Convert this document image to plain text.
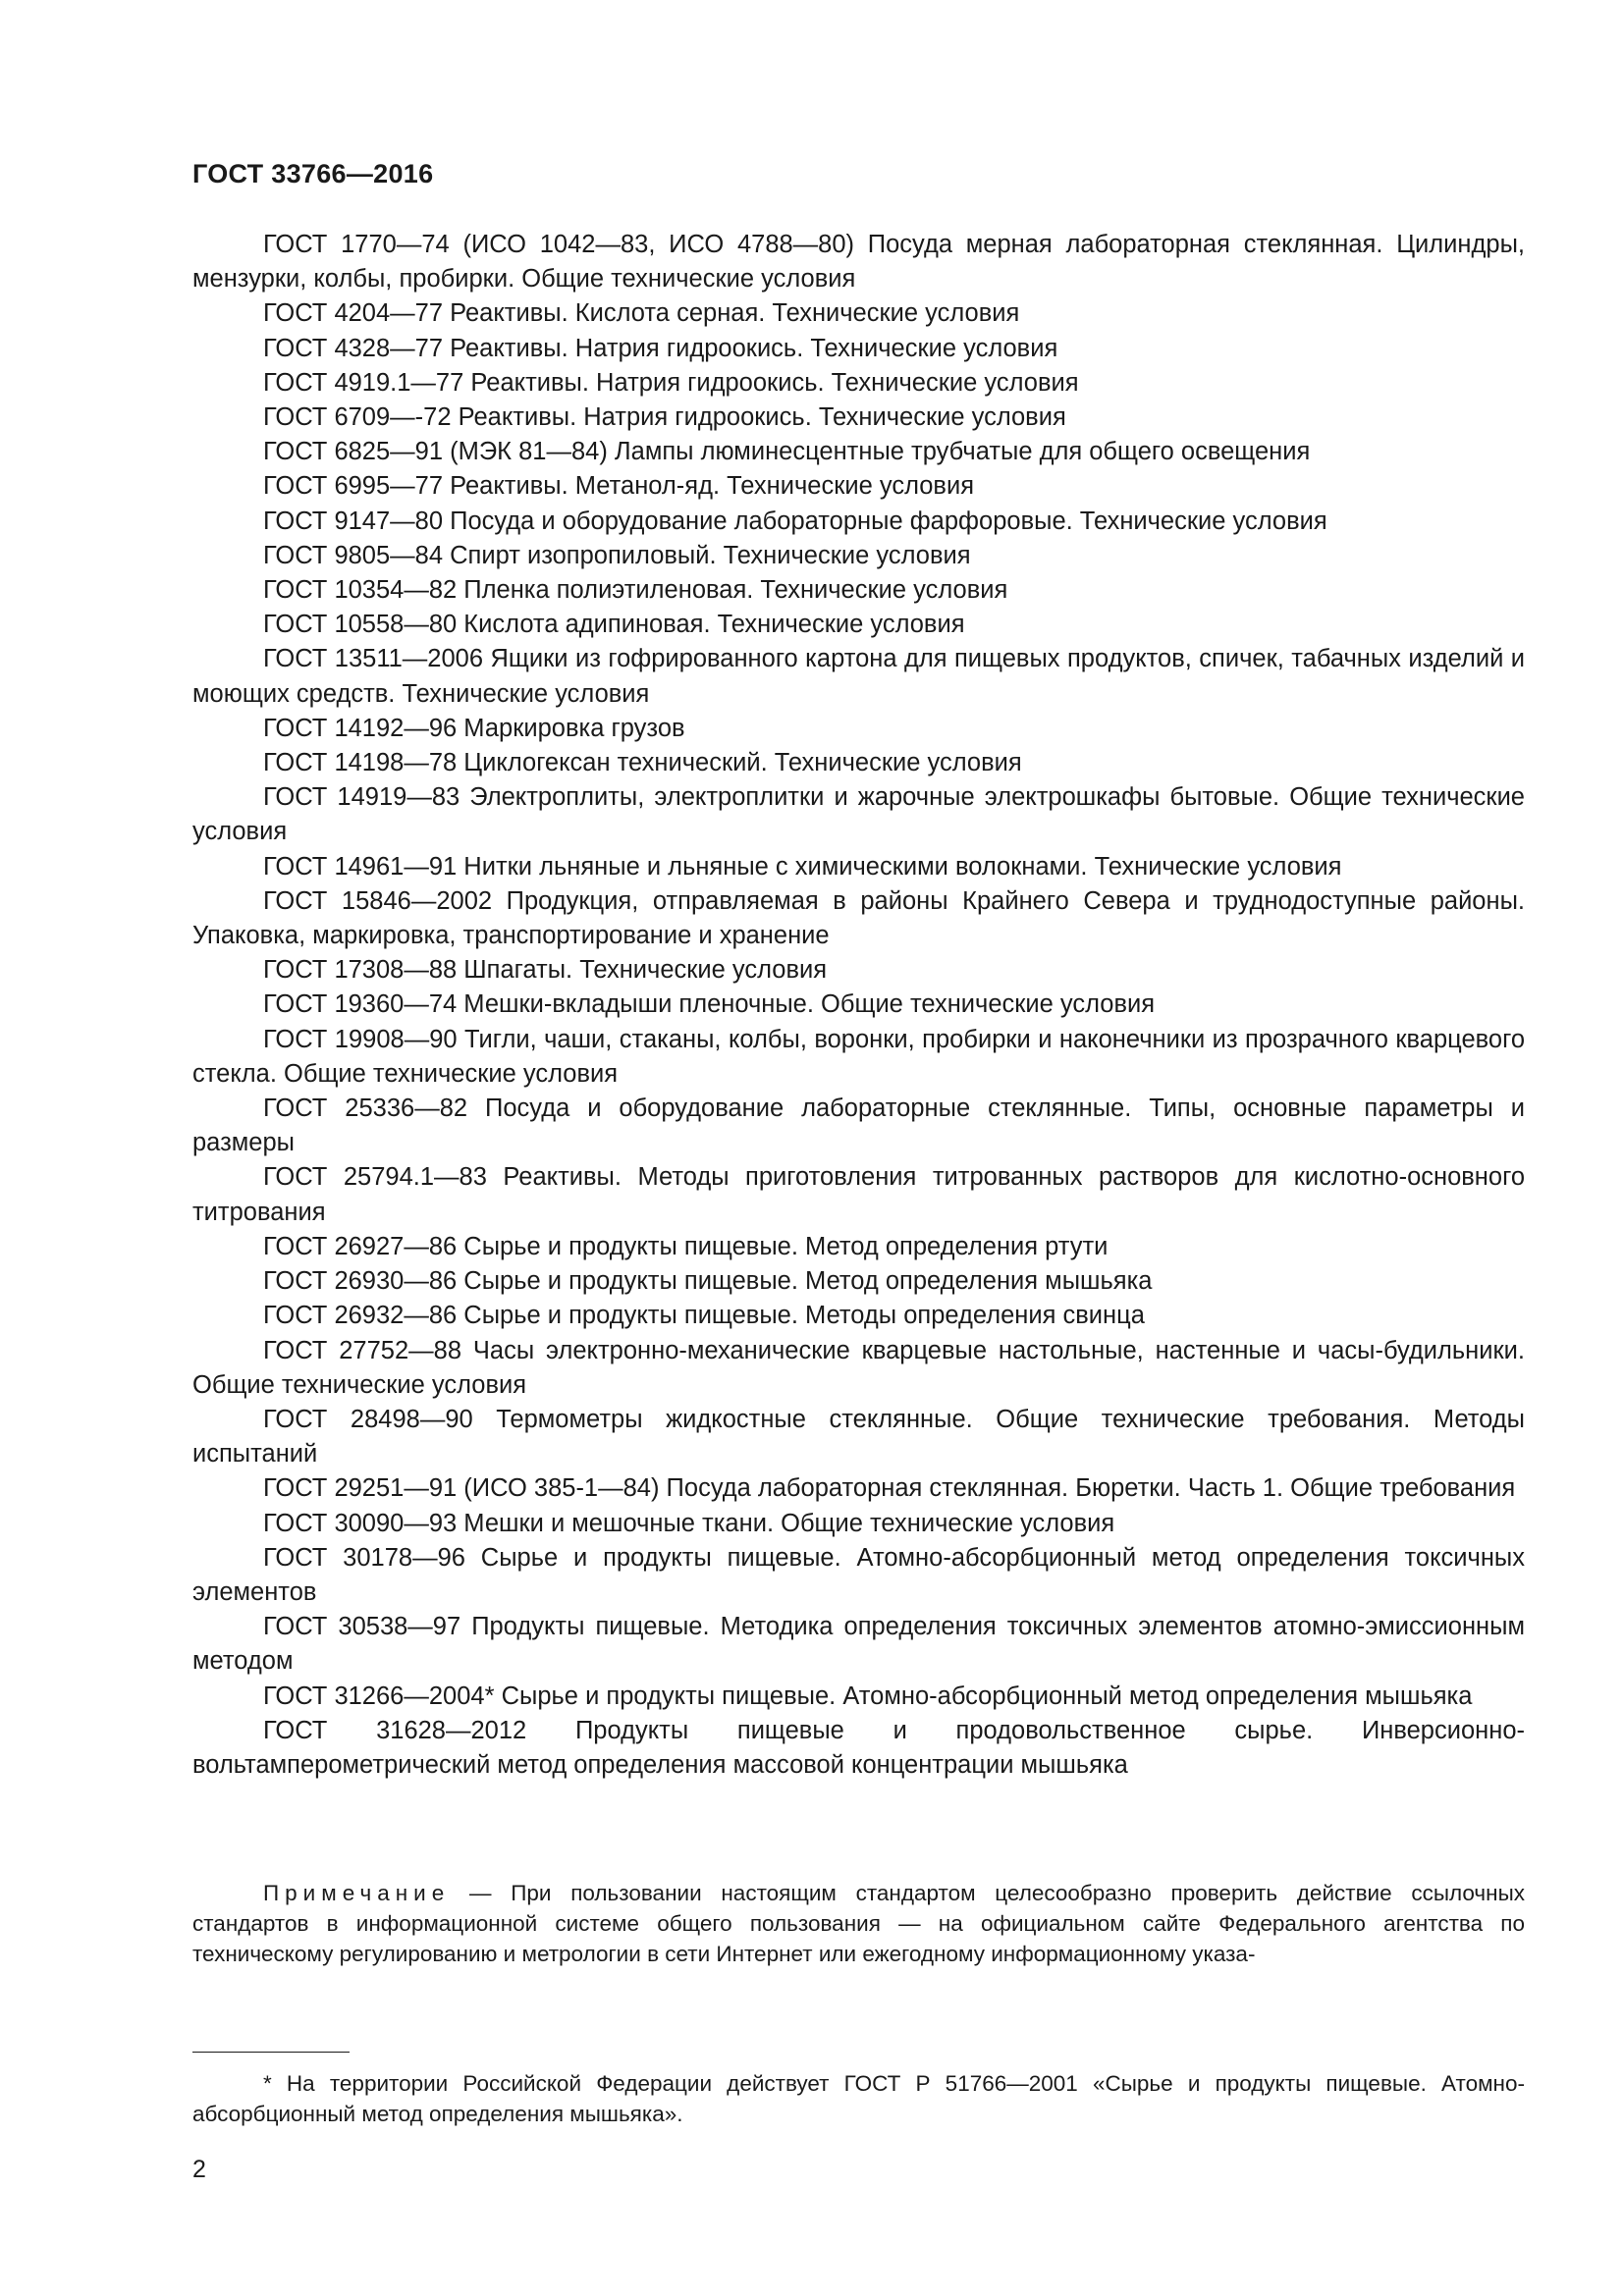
ГОСТ 33766—2016

ГОСТ 1770—74 (ИСО 1042—83, ИСО 4788—80) Посуда мерная лабораторная стеклянная. Цилиндры, мензурки, колбы, пробирки. Общие технические условия

ГОСТ 4204—77 Реактивы. Кислота серная. Технические условия

ГОСТ 4328—77 Реактивы. Натрия гидроокись. Технические условия

ГОСТ 4919.1—77 Реактивы. Натрия гидроокись. Технические условия

ГОСТ 6709—-72 Реактивы. Натрия гидроокись. Технические условия

ГОСТ 6825—91 (МЭК 81—84) Лампы люминесцентные трубчатые для общего освещения

ГОСТ 6995—77 Реактивы. Метанол-яд. Технические условия

ГОСТ 9147—80 Посуда и оборудование лабораторные фарфоровые. Технические условия

ГОСТ 9805—84 Спирт изопропиловый. Технические условия

ГОСТ 10354—82 Пленка полиэтиленовая. Технические условия

ГОСТ 10558—80 Кислота адипиновая. Технические условия

ГОСТ 13511—2006 Ящики из гофрированного картона для пищевых продуктов, спичек, табачных изделий и моющих средств. Технические условия

ГОСТ 14192—96 Маркировка грузов

ГОСТ 14198—78 Циклогексан технический. Технические условия

ГОСТ 14919—83 Электроплиты, электроплитки и жарочные электрошкафы бытовые. Общие технические условия

ГОСТ 14961—91 Нитки льняные и льняные с химическими волокнами. Технические условия

ГОСТ 15846—2002 Продукция, отправляемая в районы Крайнего Севера и труднодоступные районы. Упаковка, маркировка, транспортирование и хранение

ГОСТ 17308—88 Шпагаты. Технические условия

ГОСТ 19360—74 Мешки-вкладыши пленочные. Общие технические условия

ГОСТ 19908—90 Тигли, чаши, стаканы, колбы, воронки, пробирки и наконечники из прозрачного кварцевого стекла. Общие технические условия

ГОСТ 25336—82 Посуда и оборудование лабораторные стеклянные. Типы, основные параметры и размеры

ГОСТ 25794.1—83 Реактивы. Методы приготовления титрованных растворов для кислотно-основного титрования

ГОСТ 26927—86 Сырье и продукты пищевые. Метод определения ртути

ГОСТ 26930—86 Сырье и продукты пищевые. Метод определения мышьяка

ГОСТ 26932—86 Сырье и продукты пищевые. Методы определения свинца

ГОСТ 27752—88 Часы электронно-механические кварцевые настольные, настенные и часы-будильники. Общие технические условия

ГОСТ 28498—90 Термометры жидкостные стеклянные. Общие технические требования. Методы испытаний

ГОСТ 29251—91 (ИСО 385-1—84) Посуда лабораторная стеклянная. Бюретки. Часть 1. Общие требования

ГОСТ 30090—93 Мешки и мешочные ткани. Общие технические условия

ГОСТ 30178—96 Сырье и продукты пищевые. Атомно-абсорбционный метод определения токсичных элементов

ГОСТ 30538—97 Продукты пищевые. Методика определения токсичных элементов атомно-эмиссионным методом

ГОСТ 31266—2004* Сырье и продукты пищевые. Атомно-абсорбционный метод определения мышьяка

ГОСТ 31628—2012 Продукты пищевые и продовольственное сырье. Инверсионно-вольтамперометрический метод определения массовой концентрации мышьяка

Примечание — При пользовании настоящим стандартом целесообразно проверить действие ссылочных стандартов в информационной системе общего пользования — на официальном сайте Федерального агентства по техническому регулированию и метрологии в сети Интернет или ежегодному информационному указа-

* На территории Российской Федерации действует ГОСТ Р 51766—2001 «Сырье и продукты пищевые. Атомно-абсорбционный метод определения мышьяка».

2
